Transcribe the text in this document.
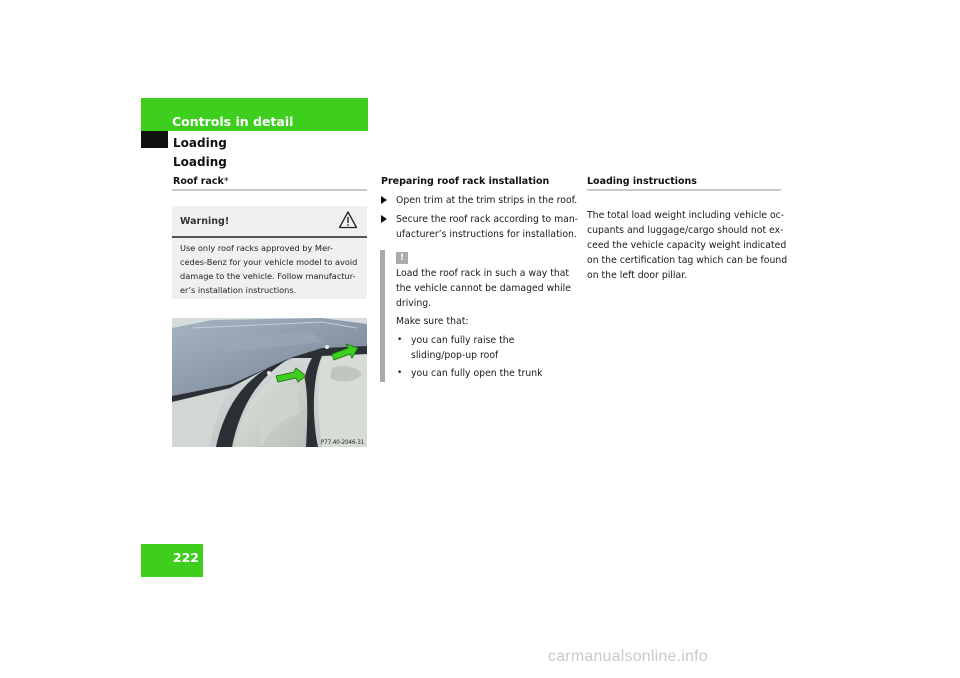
Controls in detail
Loading
Loading
Roof rack*
Warning!
Use only roof racks approved by Mer-
cedes-Benz for your vehicle model to avoid
damage to the vehicle. Follow manufactur-
er’s installation instructions.
P77.40-2046-31
Preparing roof rack installation
Open trim at the trim strips in the roof.
Secure the roof rack according to man-
ufacturer’s instructions for installation.
!
Load the roof rack in such a way that
the vehicle cannot be damaged while
driving.
Make sure that:
• you can fully raise the
sliding/pop-up roof
• you can fully open the trunk
Loading instructions
The total load weight including vehicle oc-
cupants and luggage/cargo should not ex-
ceed the vehicle capacity weight indicated
on the certification tag which can be found
on the left door pillar.
222
carmanualsonline.info
